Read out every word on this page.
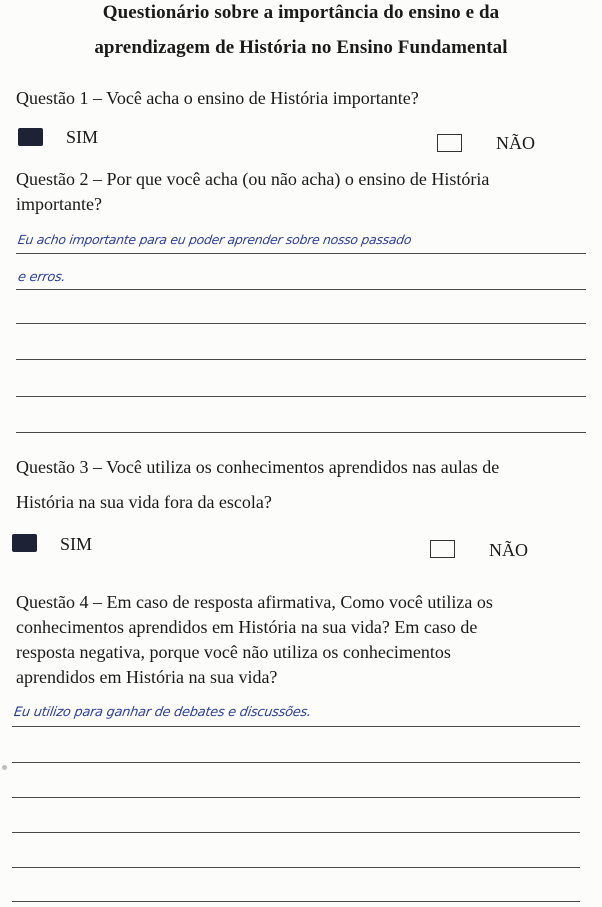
Questionário sobre a importância do ensino e da
aprendizagem de História no Ensino Fundamental
Questão 1 – Você acha o ensino de História importante?
SIM	NÃO
Questão 2 – Por que você acha (ou não acha) o ensino de História
importante?
Eu acho importante para eu poder aprender sobre nosso passado
e erros.
Questão 3 – Você utiliza os conhecimentos aprendidos nas aulas de
História na sua vida fora da escola?
SIM	NÃO
Questão 4 – Em caso de resposta afirmativa, Como você utiliza os
conhecimentos aprendidos em História na sua vida? Em caso de
resposta negativa, porque você não utiliza os conhecimentos
aprendidos em História na sua vida?
Eu utilizo para ganhar de debates e discussões.
